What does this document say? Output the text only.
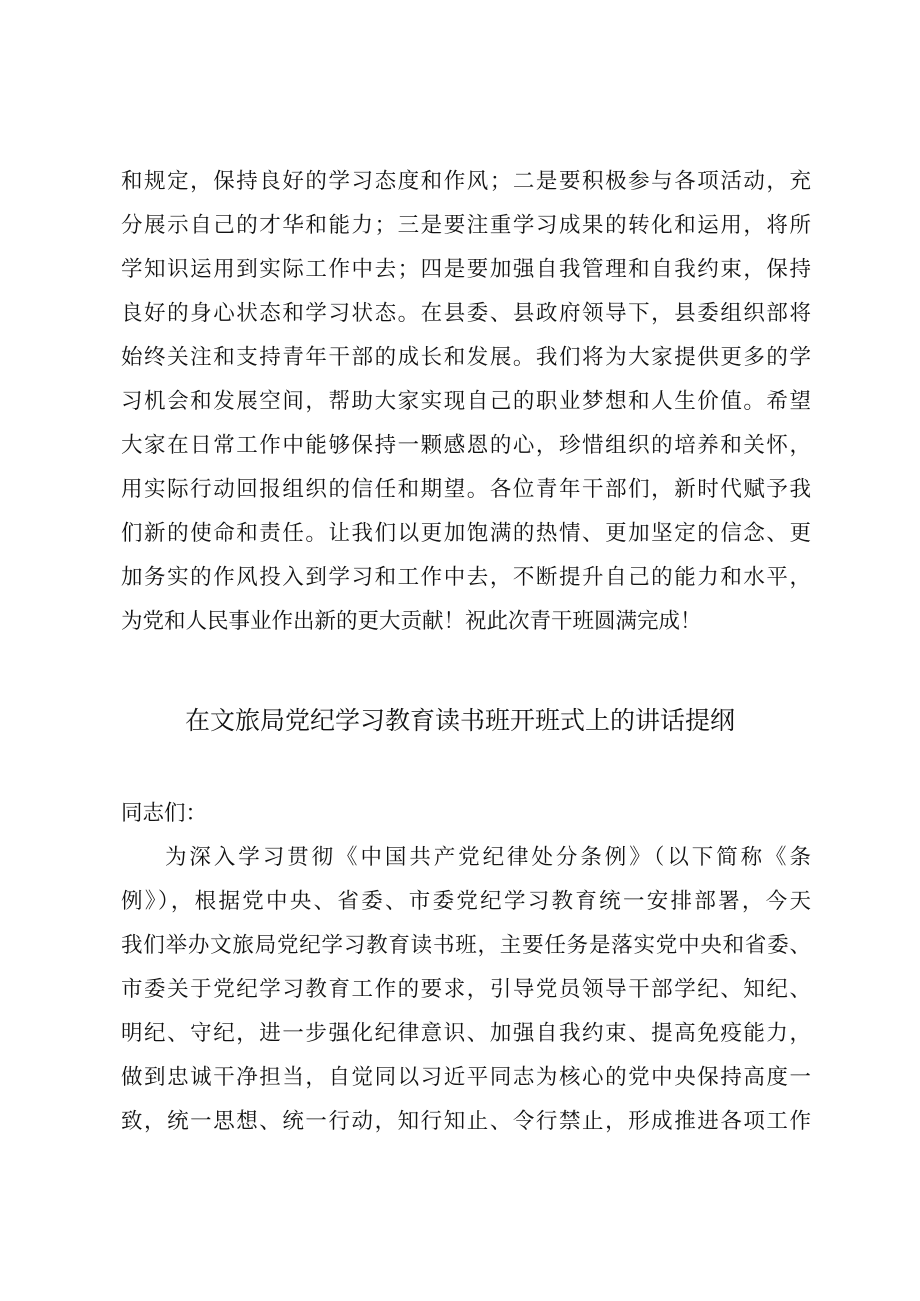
和规定，保持良好的学习态度和作风；二是要积极参与各项活动，充
分展示自己的才华和能力；三是要注重学习成果的转化和运用，将所
学知识运用到实际工作中去；四是要加强自我管理和自我约束，保持
良好的身心状态和学习状态。在县委、县政府领导下，县委组织部将
始终关注和支持青年干部的成长和发展。我们将为大家提供更多的学
习机会和发展空间，帮助大家实现自己的职业梦想和人生价值。希望
大家在日常工作中能够保持一颗感恩的心，珍惜组织的培养和关怀，
用实际行动回报组织的信任和期望。各位青年干部们，新时代赋予我
们新的使命和责任。让我们以更加饱满的热情、更加坚定的信念、更
加务实的作风投入到学习和工作中去，不断提升自己的能力和水平，
为党和人民事业作出新的更大贡献！祝此次青干班圆满完成！
在文旅局党纪学习教育读书班开班式上的讲话提纲
同志们：
为深入学习贯彻《中国共产党纪律处分条例》（以下简称《条
例》），根据党中央、省委、市委党纪学习教育统一安排部署，今天
我们举办文旅局党纪学习教育读书班，主要任务是落实党中央和省委、
市委关于党纪学习教育工作的要求，引导党员领导干部学纪、知纪、
明纪、守纪，进一步强化纪律意识、加强自我约束、提高免疫能力，
做到忠诚干净担当，自觉同以习近平同志为核心的党中央保持高度一
致，统一思想、统一行动，知行知止、令行禁止，形成推进各项工作
